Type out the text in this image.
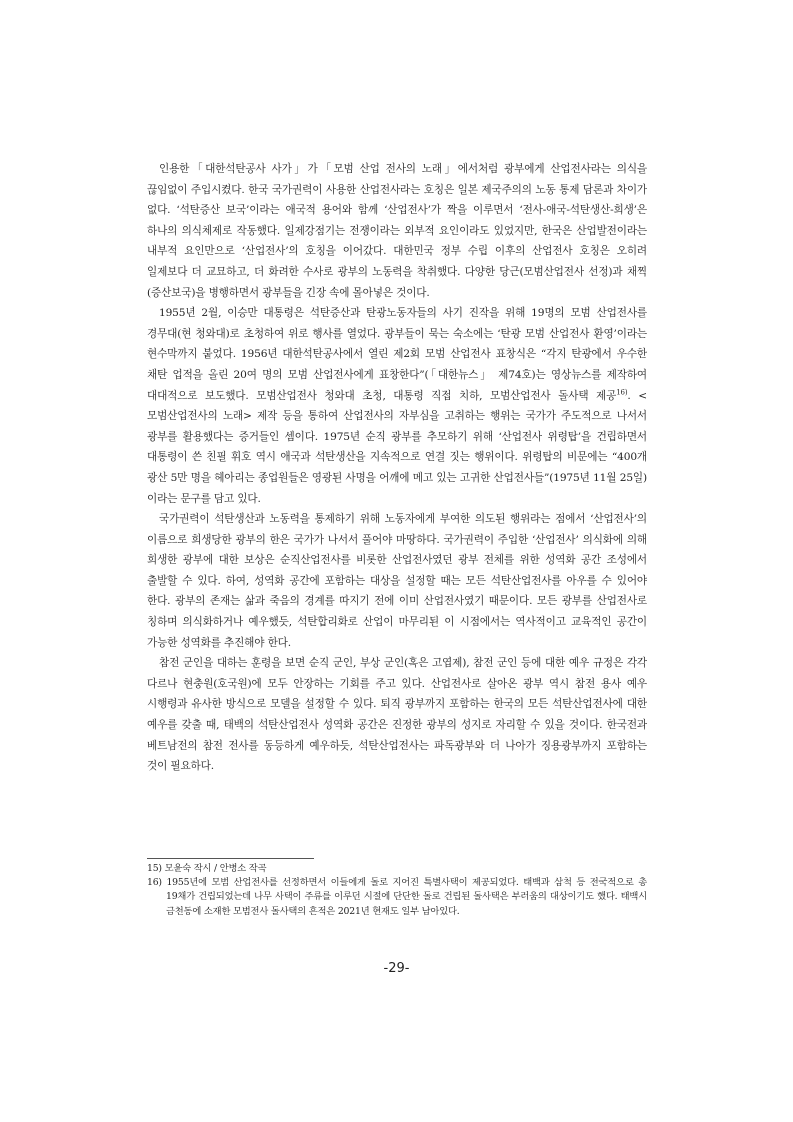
인용한「대한석탄공사 사가」가「모범 산업 전사의 노래」에서처럼 광부에게 산업전사라는 의식을 끊임없이 주입시켰다. 한국 국가권력이 사용한 산업전사라는 호칭은 일본 제국주의의 노동 통제 담론과 차이가 없다. ‘석탄증산 보국’이라는 애국적 용어와 함께 ‘산업전사’가 짝을 이루면서 ‘전사-애국-석탄생산-희생’은 하나의 의식체제로 작동했다. 일제강점기는 전쟁이라는 외부적 요인이라도 있었지만, 한국은 산업발전이라는 내부적 요인만으로 ‘산업전사’의 호칭을 이어갔다. 대한민국 정부 수립 이후의 산업전사 호칭은 오히려 일제보다 더 교묘하고, 더 화려한 수사로 광부의 노동력을 착취했다. 다양한 당근(모범산업전사 선정)과 채찍(증산보국)을 병행하면서 광부들을 긴장 속에 몰아넣은 것이다.

1955년 2월, 이승만 대통령은 석탄증산과 탄광노동자들의 사기 진작을 위해 19명의 모범 산업전사를 경무대(현 청와대)로 초청하여 위로 행사를 열었다. 광부들이 묵는 숙소에는 ‘탄광 모범 산업전사 환영’이라는 현수막까지 붙었다. 1956년 대한석탄공사에서 열린 제2회 모범 산업전사 표창식은 “각지 탄광에서 우수한 채탄 업적을 올린 20여 명의 모범 산업전사에게 표창한다”(「대한뉴스」 제74호)는 영상뉴스를 제작하여 대대적으로 보도했다. 모범산업전사 청와대 초청, 대통령 직접 치하, 모범산업전사 돌사택 제공$^{16)}$. <모범산업전사의 노래> 제작 등을 통하여 산업전사의 자부심을 고취하는 행위는 국가가 주도적으로 나서서 광부를 활용했다는 증거들인 셈이다. 1975년 순직 광부를 추모하기 위해 ‘산업전사 위령탑’을 건립하면서 대통령이 쓴 친필 휘호 역시 애국과 석탄생산을 지속적으로 연결 짓는 행위이다. 위령탑의 비문에는 “400개 광산 5만 명을 헤아리는 종업원들은 영광된 사명을 어깨에 메고 있는 고귀한 산업전사들”(1975년 11월 25일)이라는 문구를 담고 있다.

국가권력이 석탄생산과 노동력을 통제하기 위해 노동자에게 부여한 의도된 행위라는 점에서 ‘산업전사’의 이름으로 희생당한 광부의 한은 국가가 나서서 풀어야 마땅하다. 국가권력이 주입한 ‘산업전사’ 의식화에 의해 희생한 광부에 대한 보상은 순직산업전사를 비롯한 산업전사였던 광부 전체를 위한 성역화 공간 조성에서 출발할 수 있다. 하여, 성역화 공간에 포함하는 대상을 설정할 때는 모든 석탄산업전사를 아우를 수 있어야 한다. 광부의 존재는 삶과 죽음의 경계를 따지기 전에 이미 산업전사였기 때문이다. 모든 광부를 산업전사로 칭하며 의식화하거나 예우했듯, 석탄합리화로 산업이 마무리된 이 시점에서는 역사적이고 교육적인 공간이 가능한 성역화를 추진해야 한다.

참전 군인을 대하는 훈령을 보면 순직 군인, 부상 군인(혹은 고엽제), 참전 군인 등에 대한 예우 규정은 각각 다르나 현충원(호국원)에 모두 안장하는 기회를 주고 있다. 산업전사로 살아온 광부 역시 참전 용사 예우 시행령과 유사한 방식으로 모델을 설정할 수 있다. 퇴직 광부까지 포함하는 한국의 모든 석탄산업전사에 대한 예우를 갖출 때, 태백의 석탄산업전사 성역화 공간은 진정한 광부의 성지로 자리할 수 있을 것이다. 한국전과 베트남전의 참전 전사를 동등하게 예우하듯, 석탄산업전사는 파독광부와 더 나아가 징용광부까지 포함하는 것이 필요하다.

15) 모윤숙 작시 / 안병소 작곡

16) 1955년에 모범 산업전사를 선정하면서 이들에게 돌로 지어진 특별사택이 제공되었다. 태백과 삼척 등 전국적으로 총 19채가 건립되었는데 나무 사택이 주류를 이루던 시절에 단단한 돌로 건립된 돌사택은 부러움의 대상이기도 했다. 태백시 금천동에 소재한 모범전사 돌사택의 흔적은 2021년 현재도 일부 남아있다.

-29-
